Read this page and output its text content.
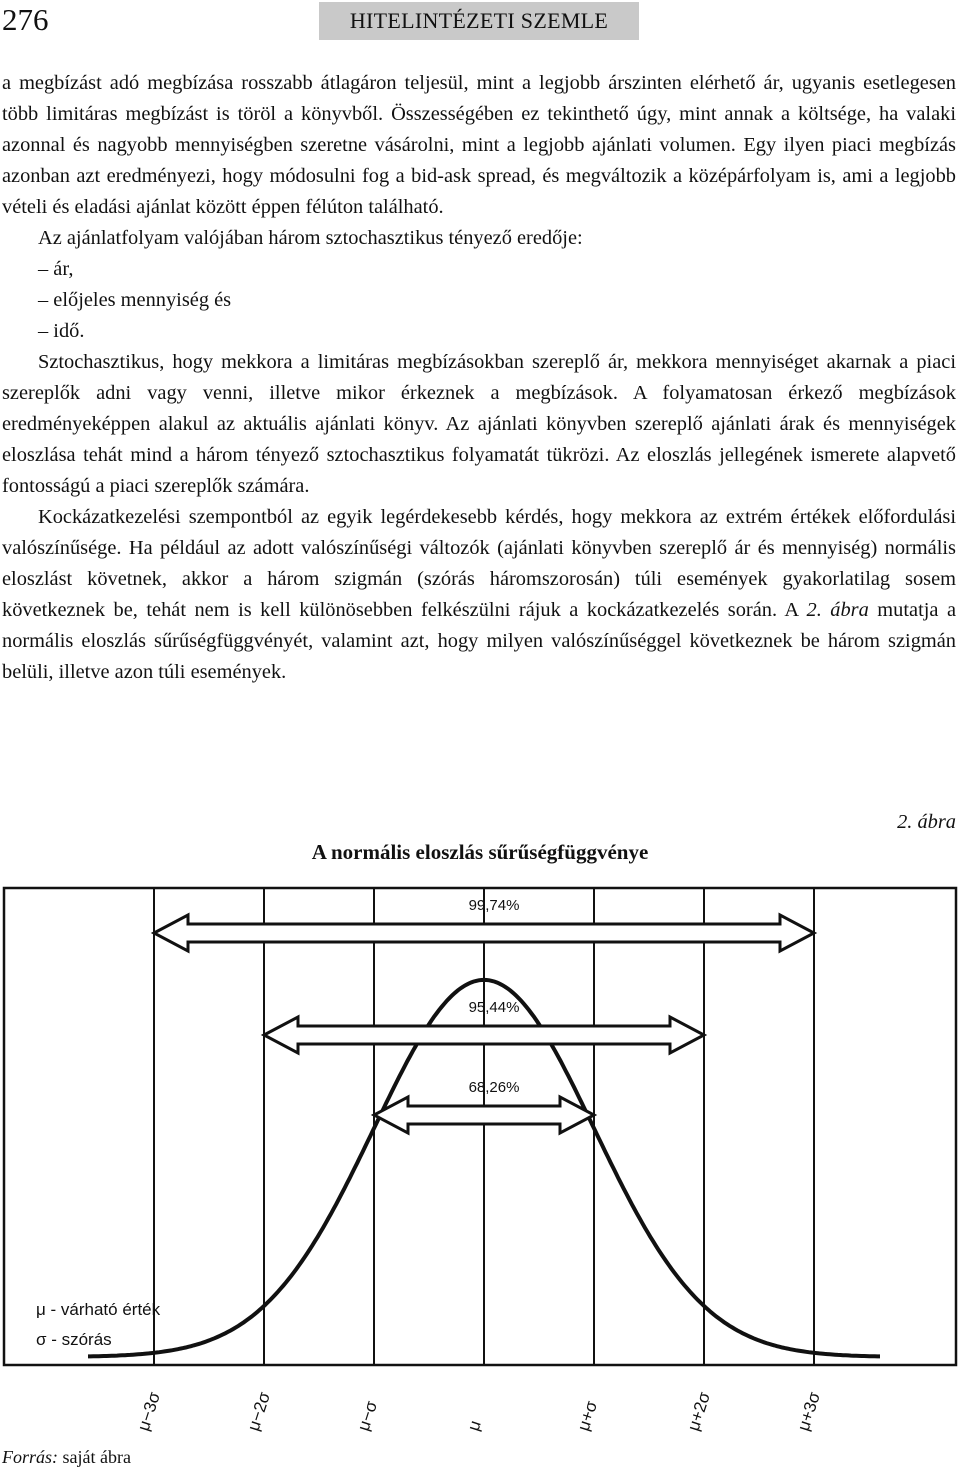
276	HITELINTÉZETI SZEMLE

a megbízást adó megbízása rosszabb átlagáron teljesül, mint a legjobb árszinten elérhető ár, ugyanis esetlegesen több limitáras megbízást is töröl a könyvből. Összességében ez tekinthető úgy, mint annak a költsége, ha valaki azonnal és nagyobb mennyiségben szeretne vásárolni, mint a legjobb ajánlati volumen. Egy ilyen piaci megbízás azonban azt eredményezi, hogy módosulni fog a bid-ask spread, és megváltozik a középárfolyam is, ami a legjobb vételi és eladási ajánlat között éppen félúton található.

Az ajánlatfolyam valójában három sztochasztikus tényező eredője:

– ár,
– előjeles mennyiség és
– idő.

Sztochasztikus, hogy mekkora a limitáras megbízásokban szereplő ár, mekkora mennyiséget akarnak a piaci szereplők adni vagy venni, illetve mikor érkeznek a megbízások. A folyamatosan érkező megbízások eredményeképpen alakul az aktuális ajánlati könyv. Az ajánlati könyvben szereplő ajánlati árak és mennyiségek eloszlása tehát mind a három tényező sztochasztikus folyamatát tükrözi. Az eloszlás jellegének ismerete alapvető fontosságú a piaci szereplők számára.

Kockázatkezelési szempontból az egyik legérdekesebb kérdés, hogy mekkora az extrém értékek előfordulási valószínűsége. Ha például az adott valószínűségi változók (ajánlati könyvben szereplő ár és mennyiség) normális eloszlást követnek, akkor a három szigmán (szórás háromszorosán) túli események gyakorlatilag sosem következnek be, tehát nem is kell különösebben felkészülni rájuk a kockázatkezelés során. A 2. ábra mutatja a normális eloszlás sűrűségfüggvényét, valamint azt, hogy milyen valószínűséggel következnek be három szigmán belüli, illetve azon túli események.

2. ábra
A normális eloszlás sűrűségfüggvénye
99,74%
95,44%
68,26%
μ - várható érték
σ - szórás
μ−3σ	μ−2σ	μ−σ	μ	μ+σ	μ+2σ	μ+3σ
Forrás: saját ábra
